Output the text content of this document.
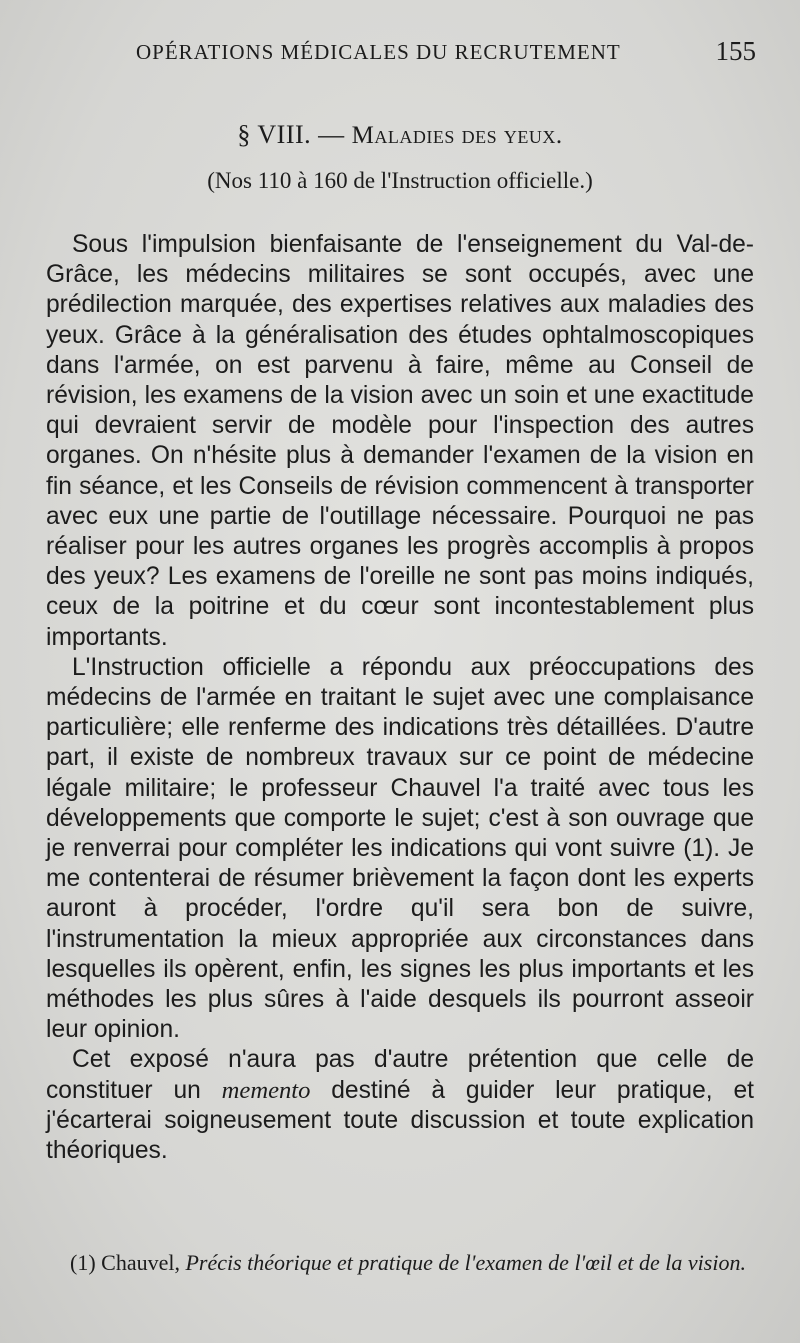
OPÉRATIONS MÉDICALES DU RECRUTEMENT	155
§ VIII. — Maladies des yeux.
(Nos 110 à 160 de l'Instruction officielle.)

Sous l'impulsion bienfaisante de l'enseignement du Val-de-Grâce, les médecins militaires se sont occupés, avec une prédilection marquée, des expertises relatives aux maladies des yeux. Grâce à la généralisation des études ophtalmoscopiques dans l'armée, on est parvenu à faire, même au Conseil de révision, les examens de la vision avec un soin et une exactitude qui devraient servir de modèle pour l'inspection des autres organes. On n'hésite plus à demander l'examen de la vision en fin séance, et les Conseils de révision commencent à transporter avec eux une partie de l'outillage nécessaire. Pourquoi ne pas réaliser pour les autres organes les progrès accomplis à propos des yeux? Les examens de l'oreille ne sont pas moins indiqués, ceux de la poitrine et du cœur sont incontestablement plus importants.

L'Instruction officielle a répondu aux préoccupations des médecins de l'armée en traitant le sujet avec une complaisance particulière; elle renferme des indications très détaillées. D'autre part, il existe de nombreux travaux sur ce point de médecine légale militaire; le professeur Chauvel l'a traité avec tous les développements que comporte le sujet; c'est à son ouvrage que je renverrai pour compléter les indications qui vont suivre (1). Je me contenterai de résumer brièvement la façon dont les experts auront à procéder, l'ordre qu'il sera bon de suivre, l'instrumentation la mieux appropriée aux circonstances dans lesquelles ils opèrent, enfin, les signes les plus importants et les méthodes les plus sûres à l'aide desquels ils pourront asseoir leur opinion.

Cet exposé n'aura pas d'autre prétention que celle de constituer un memento destiné à guider leur pratique, et j'écarterai soigneusement toute discussion et toute explication théoriques.

(1) Chauvel, Précis théorique et pratique de l'examen de l'œil et de la vision.
